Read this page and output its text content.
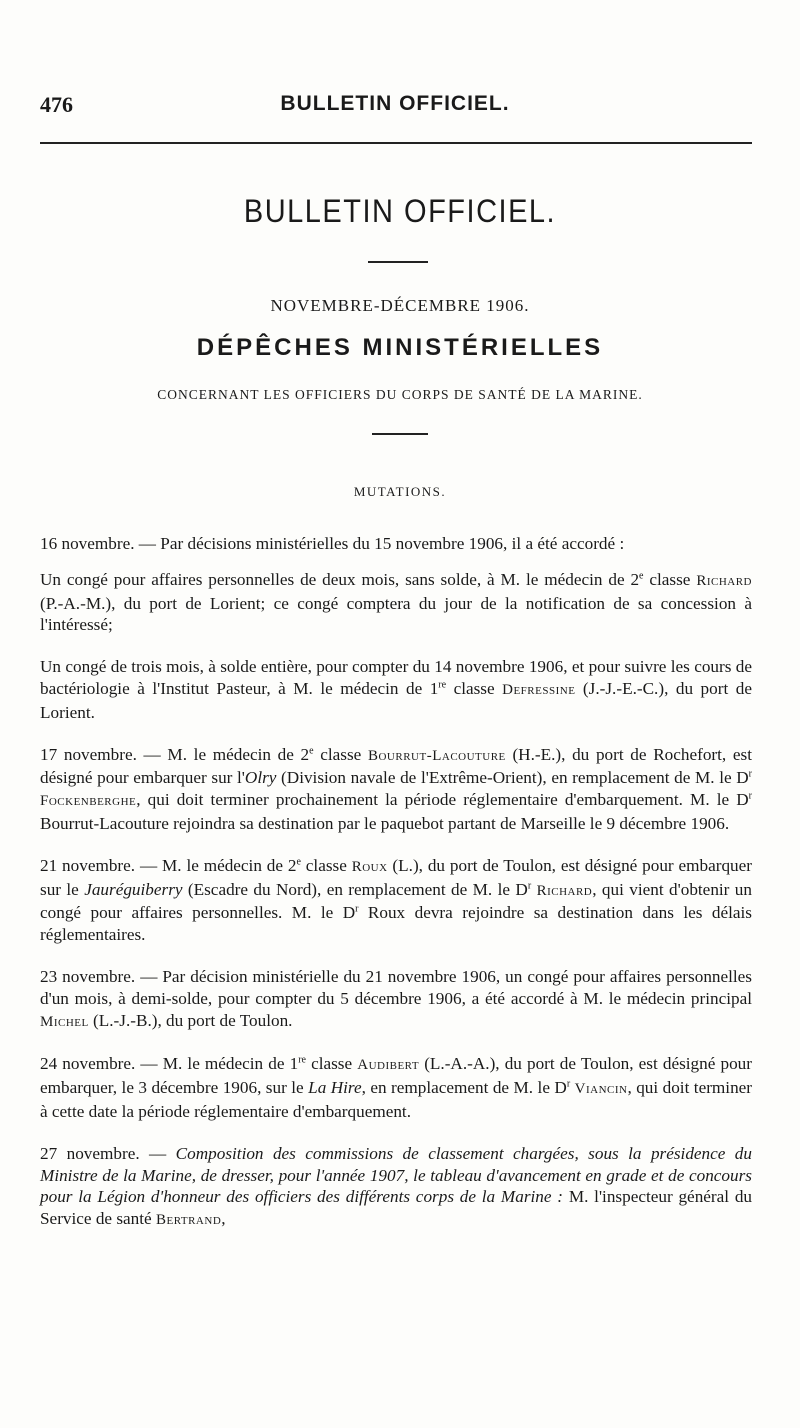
476	BULLETIN OFFICIEL.
BULLETIN OFFICIEL.
NOVEMBRE-DÉCEMBRE 1906.
DÉPÊCHES MINISTÉRIELLES
CONCERNANT LES OFFICIERS DU CORPS DE SANTÉ DE LA MARINE.
MUTATIONS.

16 novembre. — Par décisions ministérielles du 15 novembre 1906, il a été accordé :

Un congé pour affaires personnelles de deux mois, sans solde, à M. le médecin de 2e classe Richard (P.-A.-M.), du port de Lorient; ce congé comptera du jour de la notification de sa concession à l'intéressé;

Un congé de trois mois, à solde entière, pour compter du 14 novembre 1906, et pour suivre les cours de bactériologie à l'Institut Pasteur, à M. le médecin de 1re classe Defressine (J.-J.-E.-C.), du port de Lorient.

17 novembre. — M. le médecin de 2e classe Bourrut-Lacouture (H.-E.), du port de Rochefort, est désigné pour embarquer sur l'Olry (Division navale de l'Extrême-Orient), en remplacement de M. le $D^r$ Fockenberghe, qui doit terminer prochainement la période réglementaire d'embarquement. M. le $D^r$ Bourrut-Lacouture rejoindra sa destination par le paquebot partant de Marseille le 9 décembre 1906.

21 novembre. — M. le médecin de 2e classe Roux (L.), du port de Toulon, est désigné pour embarquer sur le Jauréguiberry (Escadre du Nord), en remplacement de M. le $D^r$ Richard, qui vient d'obtenir un congé pour affaires personnelles. M. le $D^r$ Roux devra rejoindre sa destination dans les délais réglementaires.

23 novembre. — Par décision ministérielle du 21 novembre 1906, un congé pour affaires personnelles d'un mois, à demi-solde, pour compter du 5 décembre 1906, a été accordé à M. le médecin principal Michel (L.-J.-B.), du port de Toulon.

24 novembre. — M. le médecin de 1re classe Audibert (L.-A.-A.), du port de Toulon, est désigné pour embarquer, le 3 décembre 1906, sur le La Hire, en remplacement de M. le $D^r$ Viancin, qui doit terminer à cette date la période réglementaire d'embarquement.

27 novembre. — Composition des commissions de classement chargées, sous la présidence du Ministre de la Marine, de dresser, pour l'année 1907, le tableau d'avancement en grade et de concours pour la Légion d'honneur des officiers des différents corps de la Marine : M. l'inspecteur général du Service de santé Bertrand,
